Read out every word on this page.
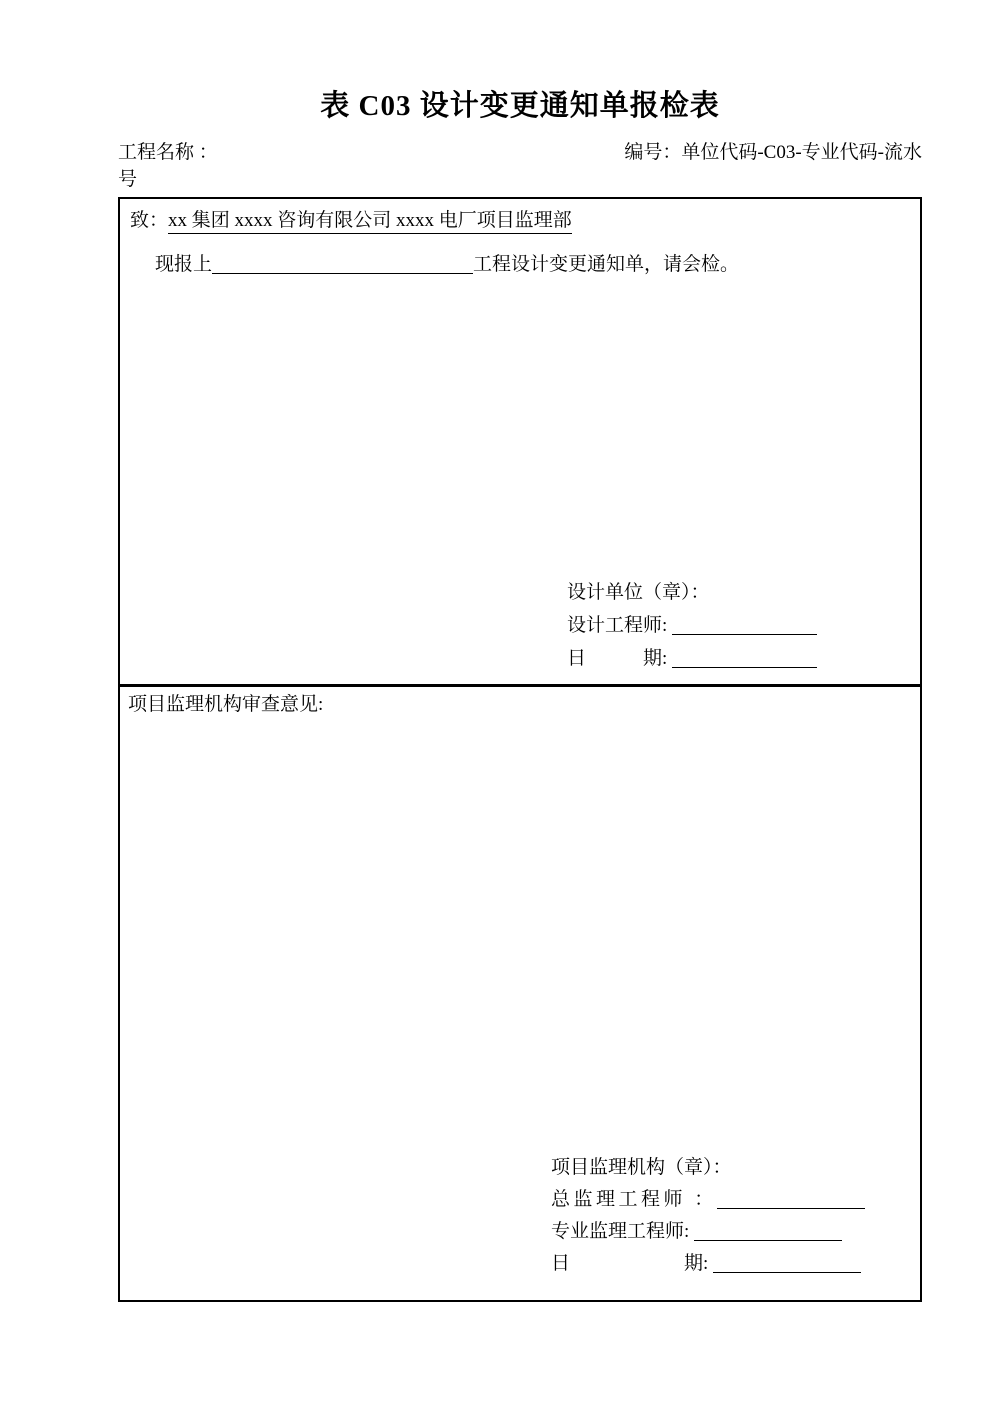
表 C03 设计变更通知单报检表
工程名称 ：	编号：单位代码-C03-专业代码-流水
号
致：xx 集团 xxxx 咨询有限公司 xxxx 电厂项目监理部
现报上	工程设计变更通知单，请会检。
设计单位（章）：
设计工程师:
日　　　期:
项目监理机构审查意见:
项目监理机构（章）：
总监理工程师 ：
专业监理工程师:
日　　　　　　期:
